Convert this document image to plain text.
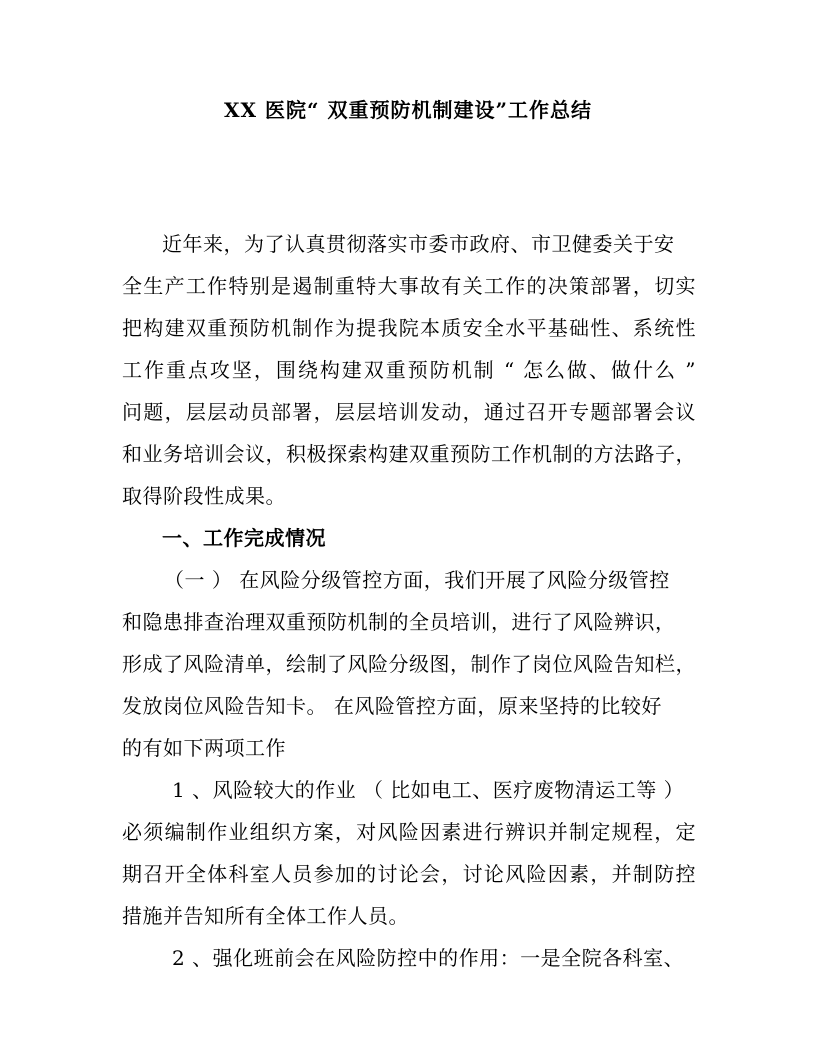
XX 医院“ 双重预防机制建设”工作总结
近年来，为了认真贯彻落实市委市政府、市卫健委关于安
全生产工作特别是遏制重特大事故有关工作的决策部署，切实
把构建双重预防机制作为提我院本质安全水平基础性、系统性
工作重点攻坚，围绕构建双重预防机制 “ 怎么做、做什么 ”
问题，层层动员部署，层层培训发动，通过召开专题部署会议
和业务培训会议，积极探索构建双重预防工作机制的方法路子，
取得阶段性成果。
一、工作完成情况
（一 ） 在风险分级管控方面，我们开展了风险分级管控
和隐患排查治理双重预防机制的全员培训，进行了风险辨识，
形成了风险清单，绘制了风险分级图，制作了岗位风险告知栏，
发放岗位风险告知卡。 在风险管控方面，原来坚持的比较好
的有如下两项工作
1 、风险较大的作业 （ 比如电工、医疗废物清运工等 ）
必须编制作业组织方案，对风险因素进行辨识并制定规程，定
期召开全体科室人员参加的讨论会，讨论风险因素，并制防控
措施并告知所有全体工作人员。
2 、强化班前会在风险防控中的作用：一是全院各科室、
